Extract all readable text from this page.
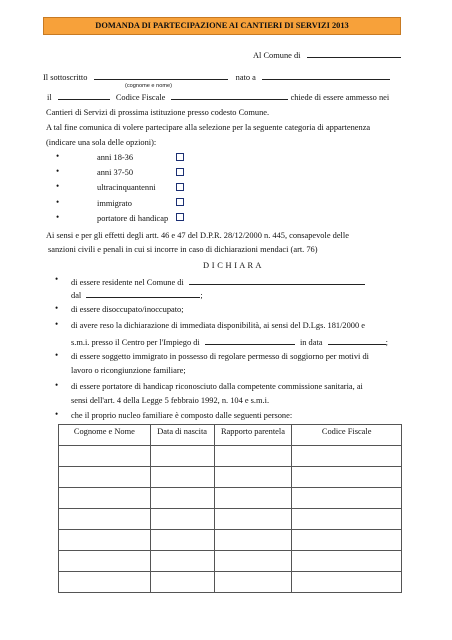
DOMANDA DI PARTECIPAZIONE AI CANTIERI DI SERVIZI 2013
Al Comune di
Il sottoscritto	nato a
(cognome e nome)
il	Codice Fiscale	chiede di essere ammesso nei
Cantieri di Servizi di prossima istituzione presso codesto Comune.
A tal fine comunica di volere partecipare alla selezione per la seguente categoria di appartenenza
(indicare una sola delle opzioni):
•	anni 18-36
•	anni 37-50
•	ultracinquantenni
•	immigrato
•	portatore di handicap
Ai sensi e per gli effetti degli artt. 46 e 47 del D.P.R. 28/12/2000 n. 445, consapevole delle
sanzioni civili e penali in cui si incorre in caso di dichiarazioni mendaci (art. 76)
D I C H I A R A
• di essere residente nel Comune di
dal	;
• di essere disoccupato/inoccupato;
• di avere reso la dichiarazione di immediata disponibilità, ai sensi del D.Lgs. 181/2000 e
s.m.i. presso il Centro per l'Impiego di	in data	;
• di essere soggetto immigrato in possesso di regolare permesso di soggiorno per motivi di
lavoro o ricongiunzione familiare;
• di essere portatore di handicap riconosciuto dalla competente commissione sanitaria, ai
sensi dell'art. 4 della Legge 5 febbraio 1992, n. 104 e s.m.i.
• che il proprio nucleo familiare è composto dalle seguenti persone:
Cognome e Nome	Data di nascita	Rapporto parentela	Codice Fiscale
